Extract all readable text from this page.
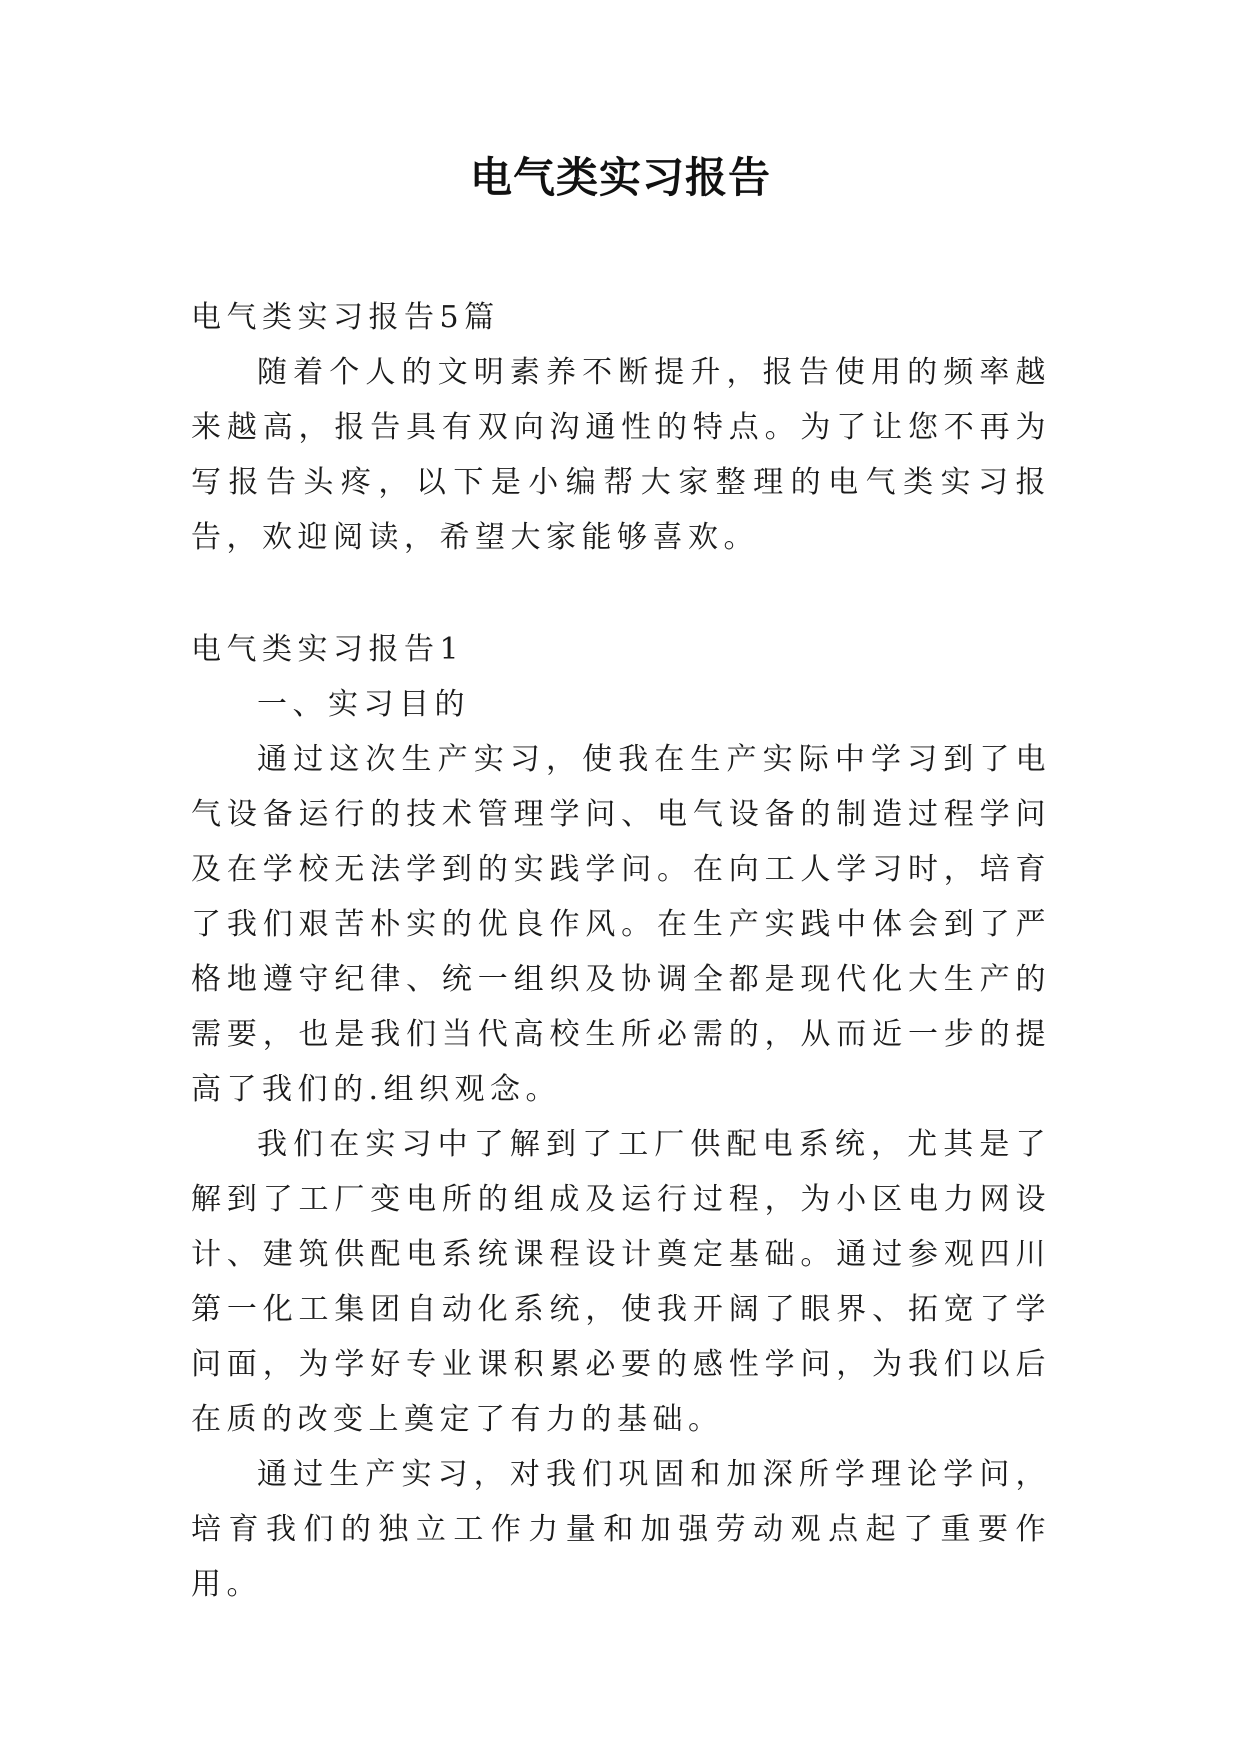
电气类实习报告

电气类实习报告5篇

随着个人的文明素养不断提升，报告使用的频率越来越高，报告具有双向沟通性的特点。为了让您不再为写报告头疼，以下是小编帮大家整理的电气类实习报告，欢迎阅读，希望大家能够喜欢。

电气类实习报告1

一、实习目的

通过这次生产实习，使我在生产实际中学习到了电气设备运行的技术管理学问、电气设备的制造过程学问及在学校无法学到的实践学问。在向工人学习时，培育了我们艰苦朴实的优良作风。在生产实践中体会到了严格地遵守纪律、统一组织及协调全都是现代化大生产的需要，也是我们当代高校生所必需的，从而近一步的提高了我们的.组织观念。

我们在实习中了解到了工厂供配电系统，尤其是了解到了工厂变电所的组成及运行过程，为小区电力网设计、建筑供配电系统课程设计奠定基础。通过参观四川第一化工集团自动化系统，使我开阔了眼界、拓宽了学问面，为学好专业课积累必要的感性学问，为我们以后在质的改变上奠定了有力的基础。

通过生产实习，对我们巩固和加深所学理论学问，培育我们的独立工作力量和加强劳动观点起了重要作用。
